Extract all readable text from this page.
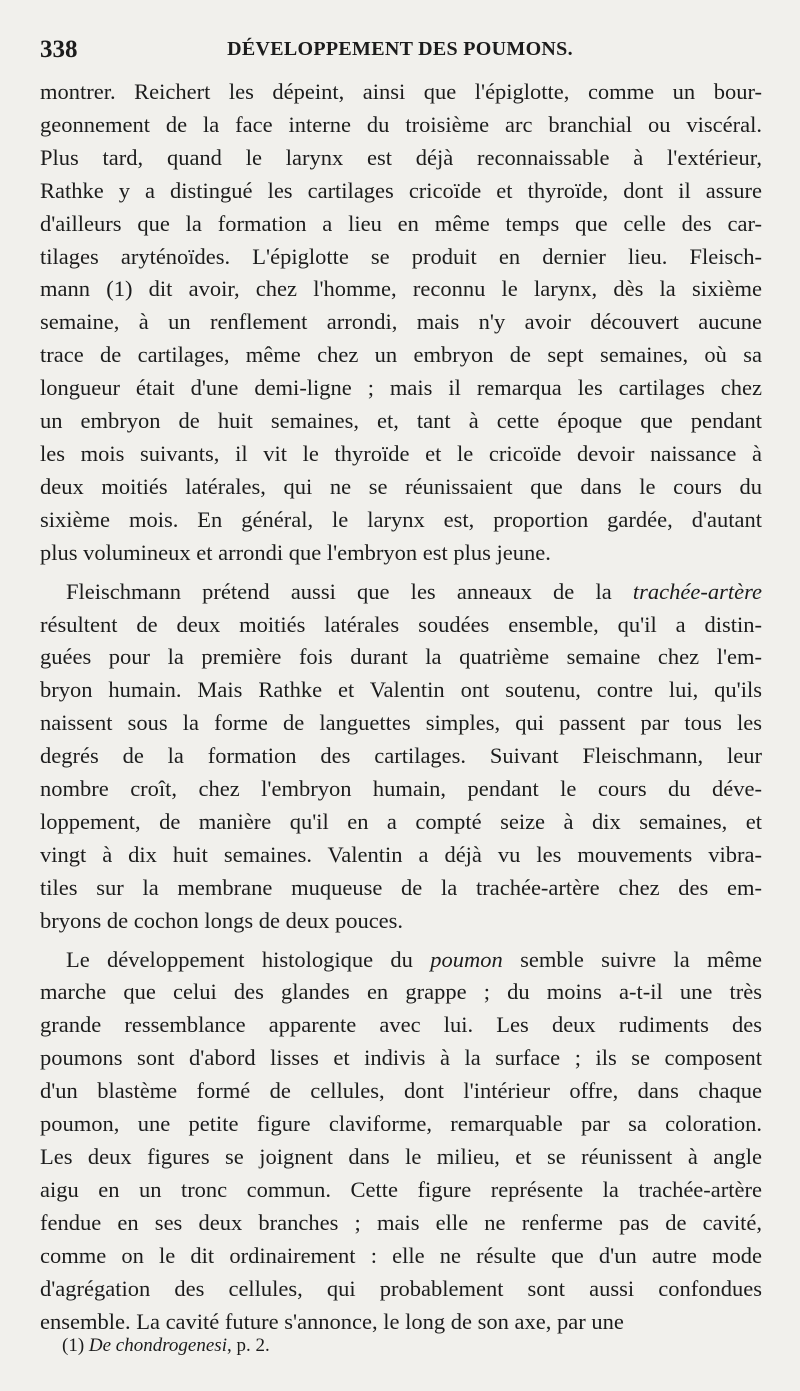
338	DÉVELOPPEMENT DES POUMONS.

montrer. Reichert les dépeint, ainsi que l'épiglotte, comme un bour-

geonnement de la face interne du troisième arc branchial ou viscéral.

Plus tard, quand le larynx est déjà reconnaissable à l'extérieur,

Rathke y a distingué les cartilages cricoïde et thyroïde, dont il assure

d'ailleurs que la formation a lieu en même temps que celle des car-

tilages aryténoïdes. L'épiglotte se produit en dernier lieu. Fleisch-

mann (1) dit avoir, chez l'homme, reconnu le larynx, dès la sixième

semaine, à un renflement arrondi, mais n'y avoir découvert aucune

trace de cartilages, même chez un embryon de sept semaines, où sa

longueur était d'une demi-ligne ; mais il remarqua les cartilages chez

un embryon de huit semaines, et, tant à cette époque que pendant

les mois suivants, il vit le thyroïde et le cricoïde devoir naissance à

deux moitiés latérales, qui ne se réunissaient que dans le cours du

sixième mois. En général, le larynx est, proportion gardée, d'autant

plus volumineux et arrondi que l'embryon est plus jeune.

Fleischmann prétend aussi que les anneaux de la trachée-artère

résultent de deux moitiés latérales soudées ensemble, qu'il a distin-

guées pour la première fois durant la quatrième semaine chez l'em-

bryon humain. Mais Rathke et Valentin ont soutenu, contre lui, qu'ils

naissent sous la forme de languettes simples, qui passent par tous les

degrés de la formation des cartilages. Suivant Fleischmann, leur

nombre croît, chez l'embryon humain, pendant le cours du déve-

loppement, de manière qu'il en a compté seize à dix semaines, et

vingt à dix huit semaines. Valentin a déjà vu les mouvements vibra-

tiles sur la membrane muqueuse de la trachée-artère chez des em-

bryons de cochon longs de deux pouces.

Le développement histologique du poumon semble suivre la même

marche que celui des glandes en grappe ; du moins a-t-il une très

grande ressemblance apparente avec lui. Les deux rudiments des

poumons sont d'abord lisses et indivis à la surface ; ils se composent

d'un blastème formé de cellules, dont l'intérieur offre, dans chaque

poumon, une petite figure claviforme, remarquable par sa coloration.

Les deux figures se joignent dans le milieu, et se réunissent à angle

aigu en un tronc commun. Cette figure représente la trachée-artère

fendue en ses deux branches ; mais elle ne renferme pas de cavité,

comme on le dit ordinairement : elle ne résulte que d'un autre mode

d'agrégation des cellules, qui probablement sont aussi confondues

ensemble. La cavité future s'annonce, le long de son axe, par une

(1) De chondrogenesi, p. 2.
